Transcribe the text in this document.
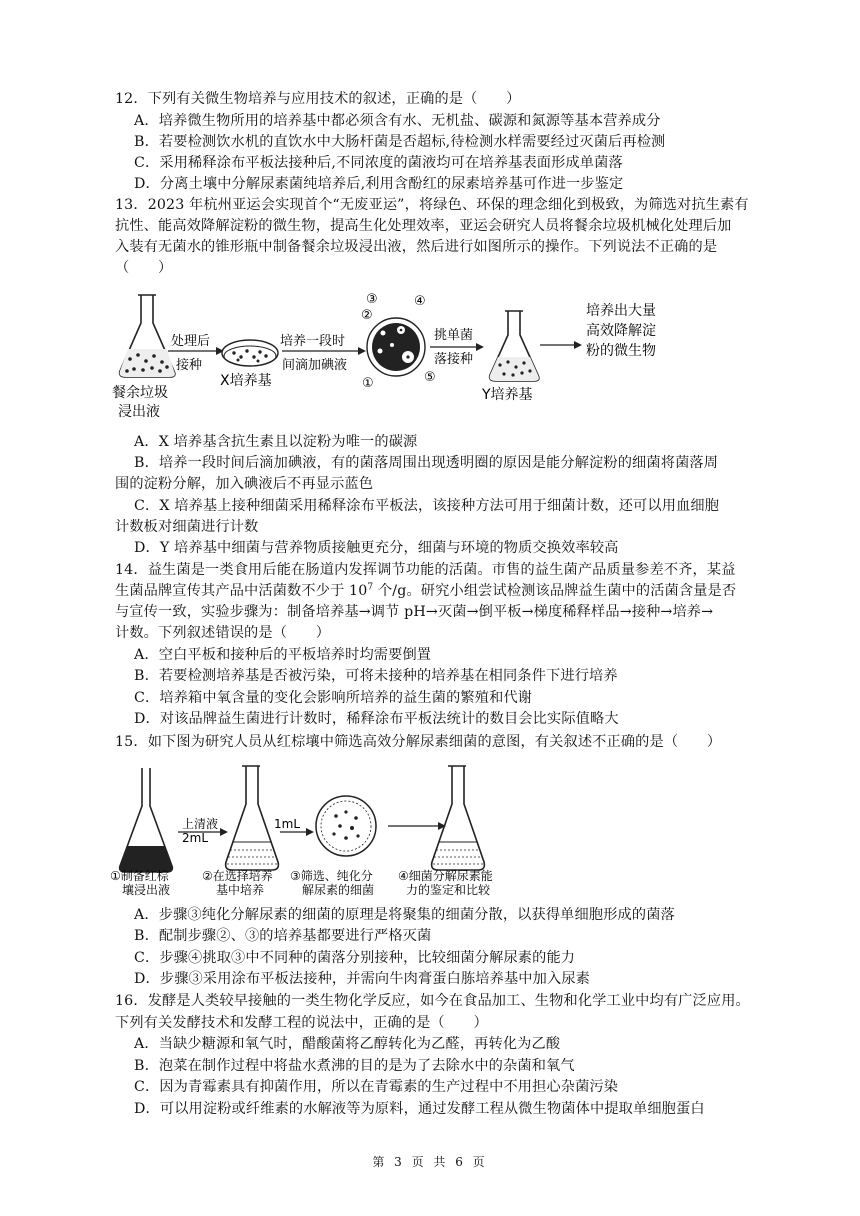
12．下列有关微生物培养与应用技术的叙述，正确的是（　　）
A．培养微生物所用的培养基中都必须含有水、无机盐、碳源和氮源等基本营养成分
B．若要检测饮水机的直饮水中大肠杆菌是否超标,待检测水样需要经过灭菌后再检测
C．采用稀释涂布平板法接种后,不同浓度的菌液均可在培养基表面形成单菌落
D．分离土壤中分解尿素菌纯培养后,利用含酚红的尿素培养基可作进一步鉴定
13．2023 年杭州亚运会实现首个“无废亚运”，将绿色、环保的理念细化到极致，为筛选对抗生素有
抗性、能高效降解淀粉的微生物，提高生化处理效率，亚运会研究人员将餐余垃圾机械化处理后加
入装有无菌水的锥形瓶中制备餐余垃圾浸出液，然后进行如图所示的操作。下列说法不正确的是
（　　）
餐余垃圾
浸出液
处理后
接种
X培养基
培养一段时
间滴加碘液
③
②
④
①	⑤
挑单菌
落接种
Y培养基
培养出大量
高效降解淀
粉的微生物
A．X 培养基含抗生素且以淀粉为唯一的碳源
B．培养一段时间后滴加碘液，有的菌落周围出现透明圈的原因是能分解淀粉的细菌将菌落周
围的淀粉分解，加入碘液后不再显示蓝色
C．X 培养基上接种细菌采用稀释涂布平板法，该接种方法可用于细菌计数，还可以用血细胞
计数板对细菌进行计数
D．Y 培养基中细菌与营养物质接触更充分，细菌与环境的物质交换效率较高
14．益生菌是一类食用后能在肠道内发挥调节功能的活菌。市售的益生菌产品质量参差不齐，某益
生菌品牌宣传其产品中活菌数不少于 $10^7$ 个/g。研究小组尝试检测该品牌益生菌中的活菌含量是否
与宣传一致，实验步骤为：制备培养基→调节 pH→灭菌→倒平板→梯度稀释样品→接种→培养→
计数。下列叙述错误的是（　　）
A．空白平板和接种后的平板培养时均需要倒置
B．若要检测培养基是否被污染，可将未接种的培养基在相同条件下进行培养
C．培养箱中氧含量的变化会影响所培养的益生菌的繁殖和代谢
D．对该品牌益生菌进行计数时，稀释涂布平板法统计的数目会比实际值略大
15．如下图为研究人员从红棕壤中筛选高效分解尿素细菌的意图，有关叙述不正确的是（　　）
上清液
2mL
1mL
①制备红棕
壤浸出液
②在选择培养
基中培养
③筛选、纯化分
解尿素的细菌
④细菌分解尿素能
力的鉴定和比较
A．步骤③纯化分解尿素的细菌的原理是将聚集的细菌分散，以获得单细胞形成的菌落
B．配制步骤②、③的培养基都要进行严格灭菌
C．步骤④挑取③中不同种的菌落分别接种，比较细菌分解尿素的能力
D．步骤③采用涂布平板法接种，并需向牛肉膏蛋白胨培养基中加入尿素
16．发酵是人类较早接触的一类生物化学反应，如今在食品加工、生物和化学工业中均有广泛应用。
下列有关发酵技术和发酵工程的说法中，正确的是（　　）
A．当缺少糖源和氧气时，醋酸菌将乙醇转化为乙醛，再转化为乙酸
B．泡菜在制作过程中将盐水煮沸的目的是为了去除水中的杂菌和氧气
C．因为青霉素具有抑菌作用，所以在青霉素的生产过程中不用担心杂菌污染
D．可以用淀粉或纤维素的水解液等为原料，通过发酵工程从微生物菌体中提取单细胞蛋白
第 3 页 共 6 页
